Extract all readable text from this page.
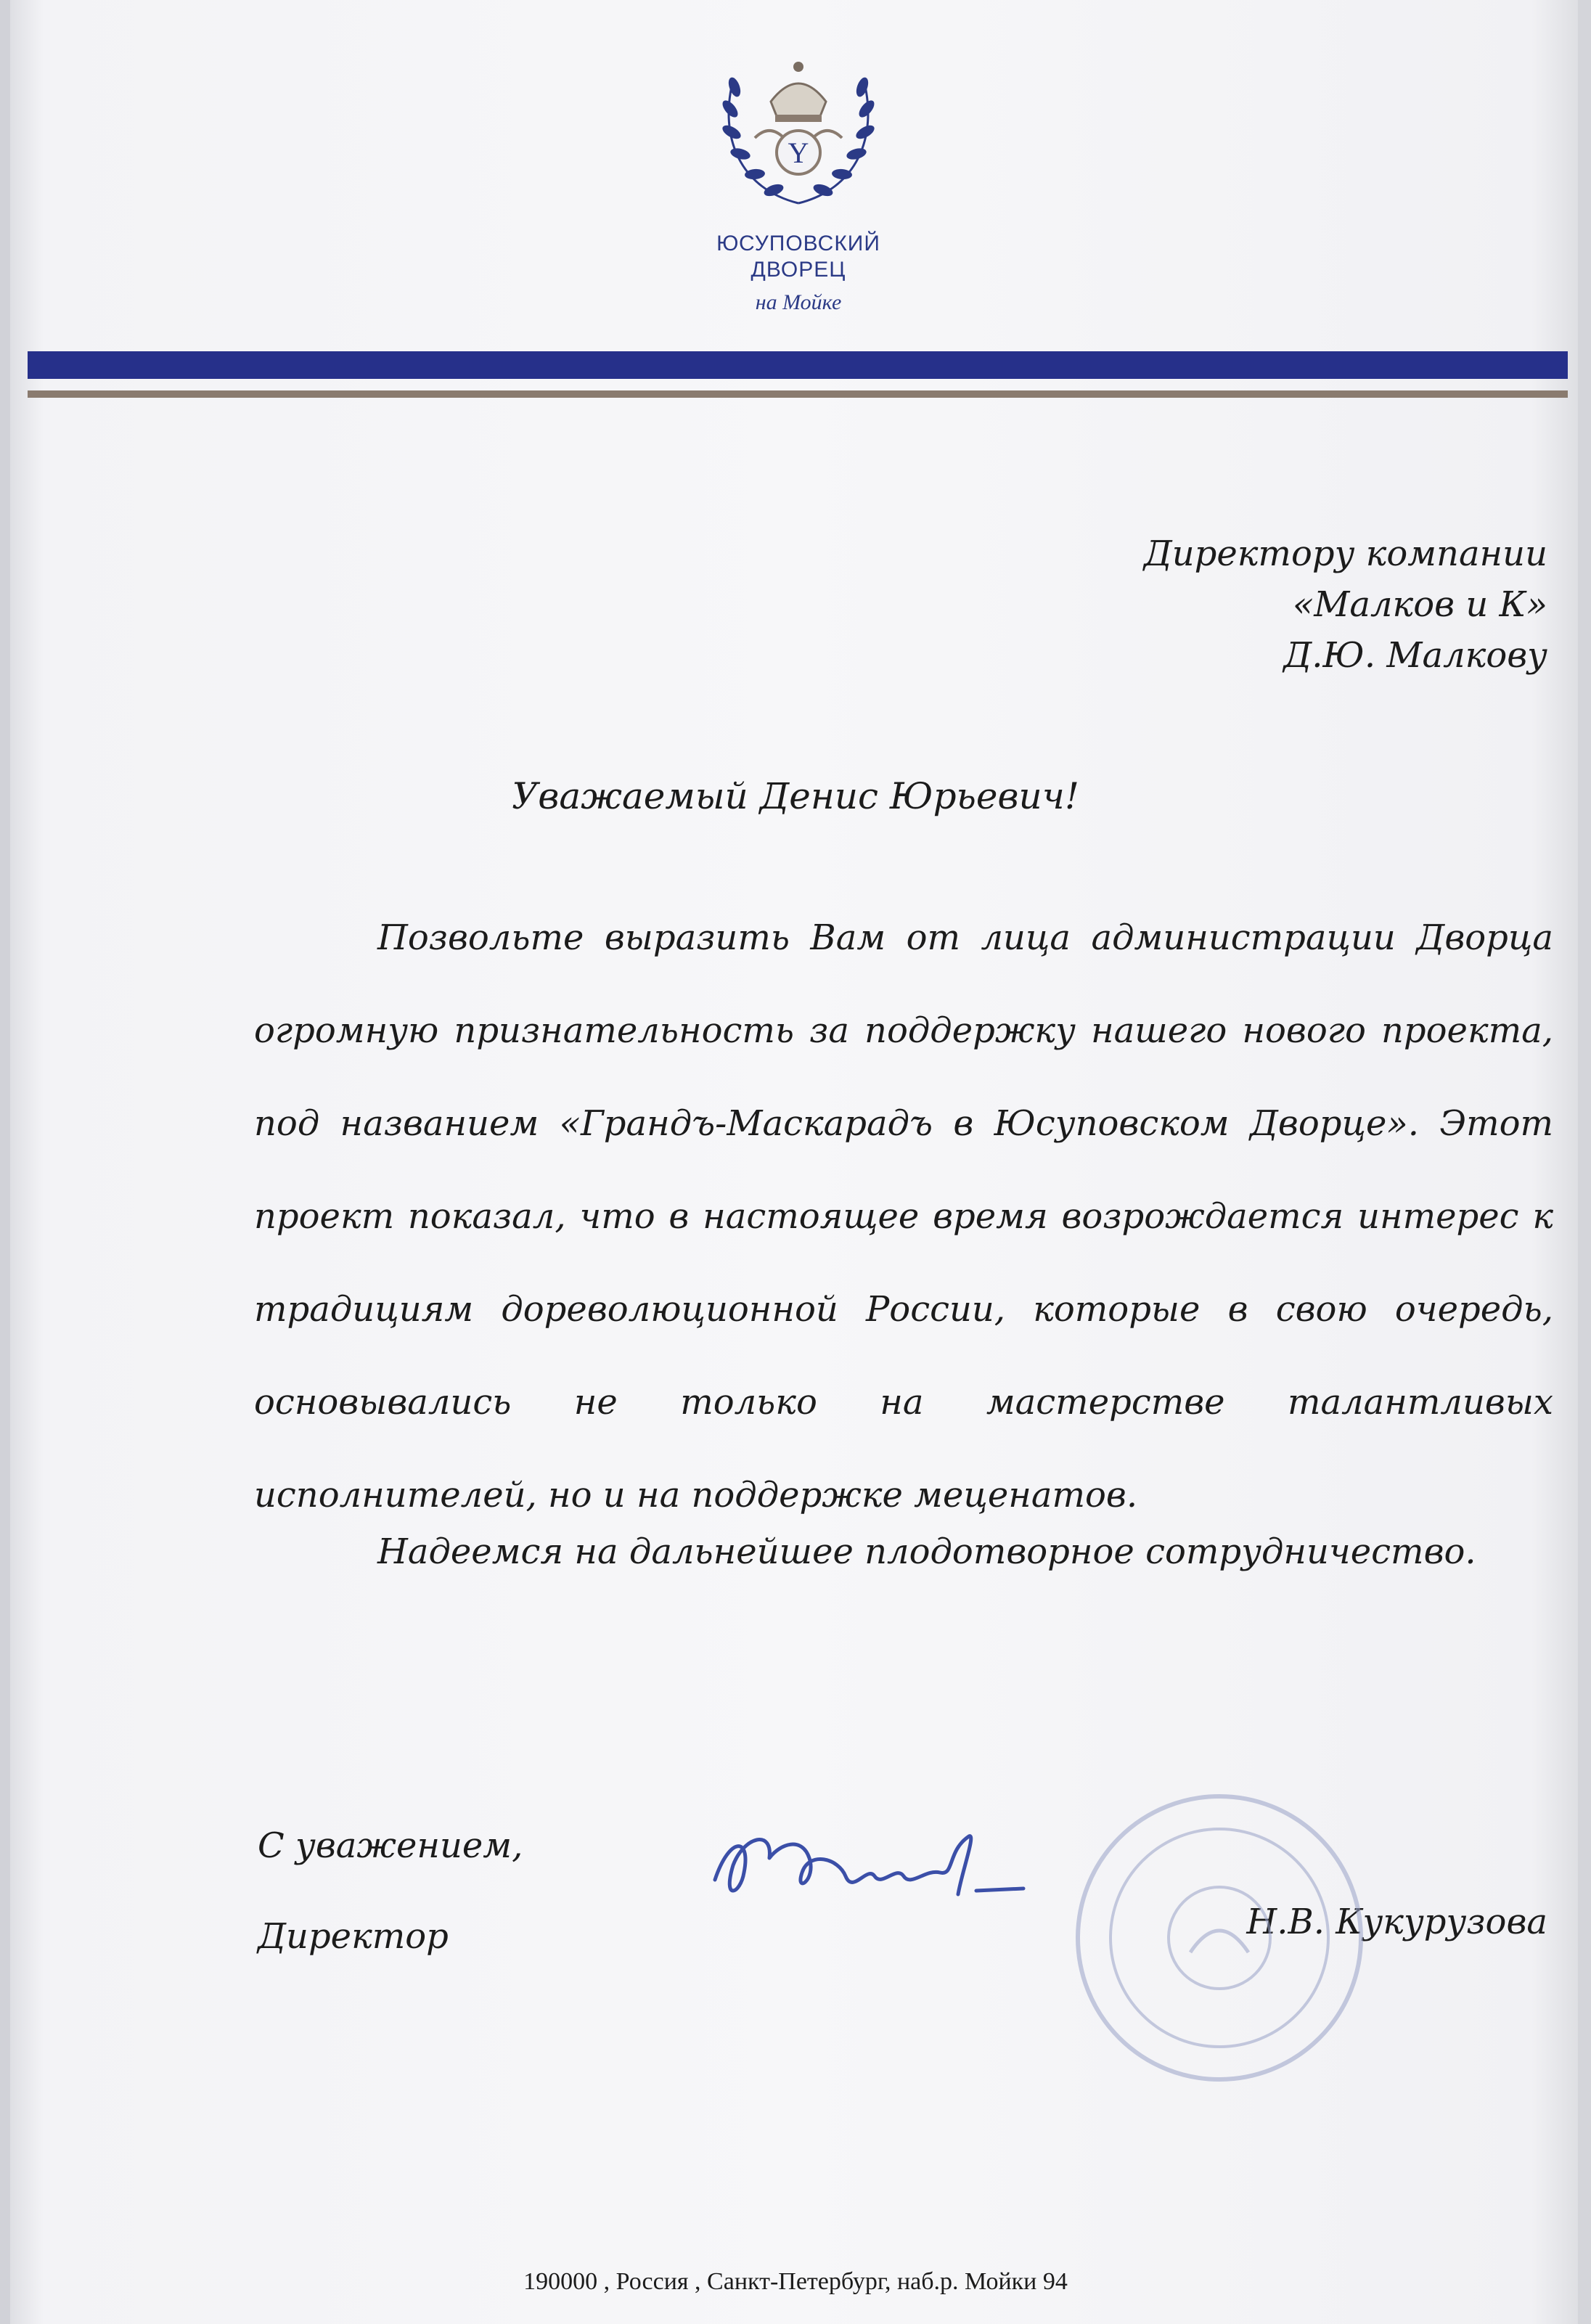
Y
ЮСУПОВСКИЙ
ДВОРЕЦ
на Мойке
Директору компании
«Малков и К»
Д.Ю. Малкову
Уважаемый Денис Юрьевич!

Позвольте выразить Вам от лица администрации Дворца огромную признательность за поддержку нашего нового проекта, под названием «Грандъ-Маскарадъ в Юсуповском Дворце». Этот проект показал, что в настоящее время возрождается интерес к традициям дореволюционной России, которые в свою очередь, основывались не только на мастерстве талантливых исполнителей, но и на поддержке меценатов.

Надеемся на дальнейшее плодотворное сотрудничество.
С уважением,
Директор	Н.В. Кукурузова
190000 , Россия , Санкт-Петербург, наб.р. Мойки 94
